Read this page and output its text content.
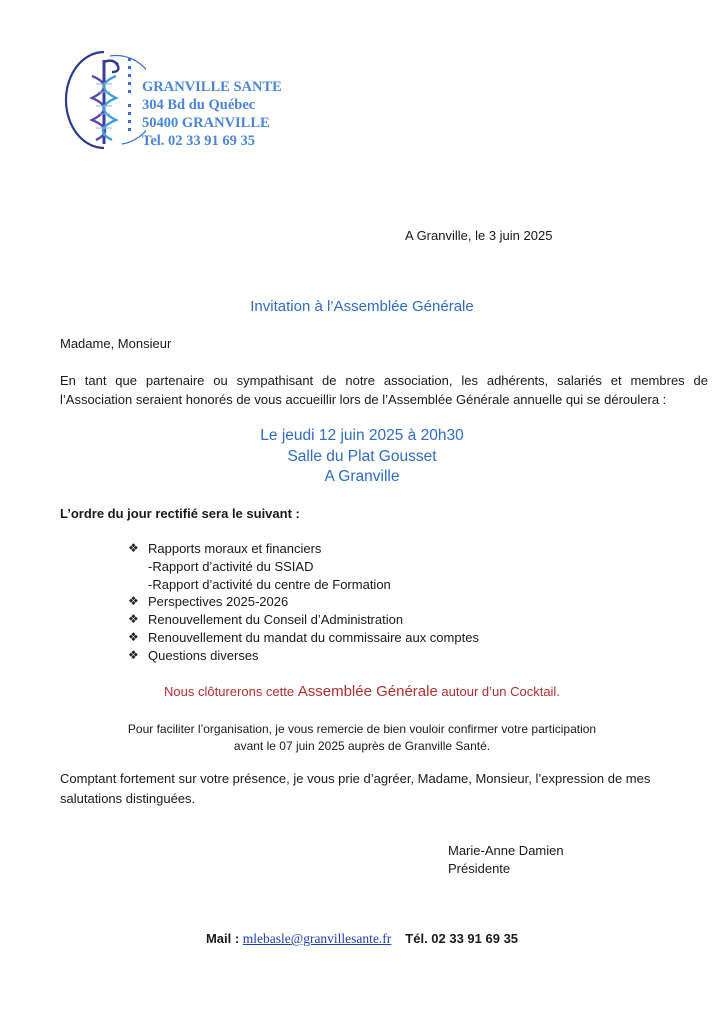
GRANVILLE SANTE
304 Bd du Québec
50400 GRANVILLE
Tel. 02 33 91 69 35
A Granville, le 3 juin 2025
Invitation à l’Assemblée Générale
Madame, Monsieur
En tant que partenaire ou sympathisant de notre association, les adhérents, salariés et membres de l’Association seraient honorés de vous accueillir lors de l’Assemblée Générale annuelle qui se déroulera :
Le jeudi 12 juin 2025 à 20h30
Salle du Plat Gousset
A Granville
L’ordre du jour rectifié sera le suivant :
❖ Rapports moraux et financiers
-Rapport d’activité du SSIAD
-Rapport d’activité du centre de Formation
❖ Perspectives 2025-2026
❖ Renouvellement du Conseil d’Administration
❖ Renouvellement du mandat du commissaire aux comptes
❖ Questions diverses
Nous clôturerons cette Assemblée Générale autour d’un Cocktail.
Pour faciliter l’organisation, je vous remercie de bien vouloir confirmer votre participation
avant le 07 juin 2025 auprès de Granville Santé.
Comptant fortement sur votre présence, je vous prie d’agréer, Madame, Monsieur, l’expression de mes salutations distinguées.
Marie-Anne Damien
Présidente
Mail : mlebasle@granvillesante.fr Tél. 02 33 91 69 35
